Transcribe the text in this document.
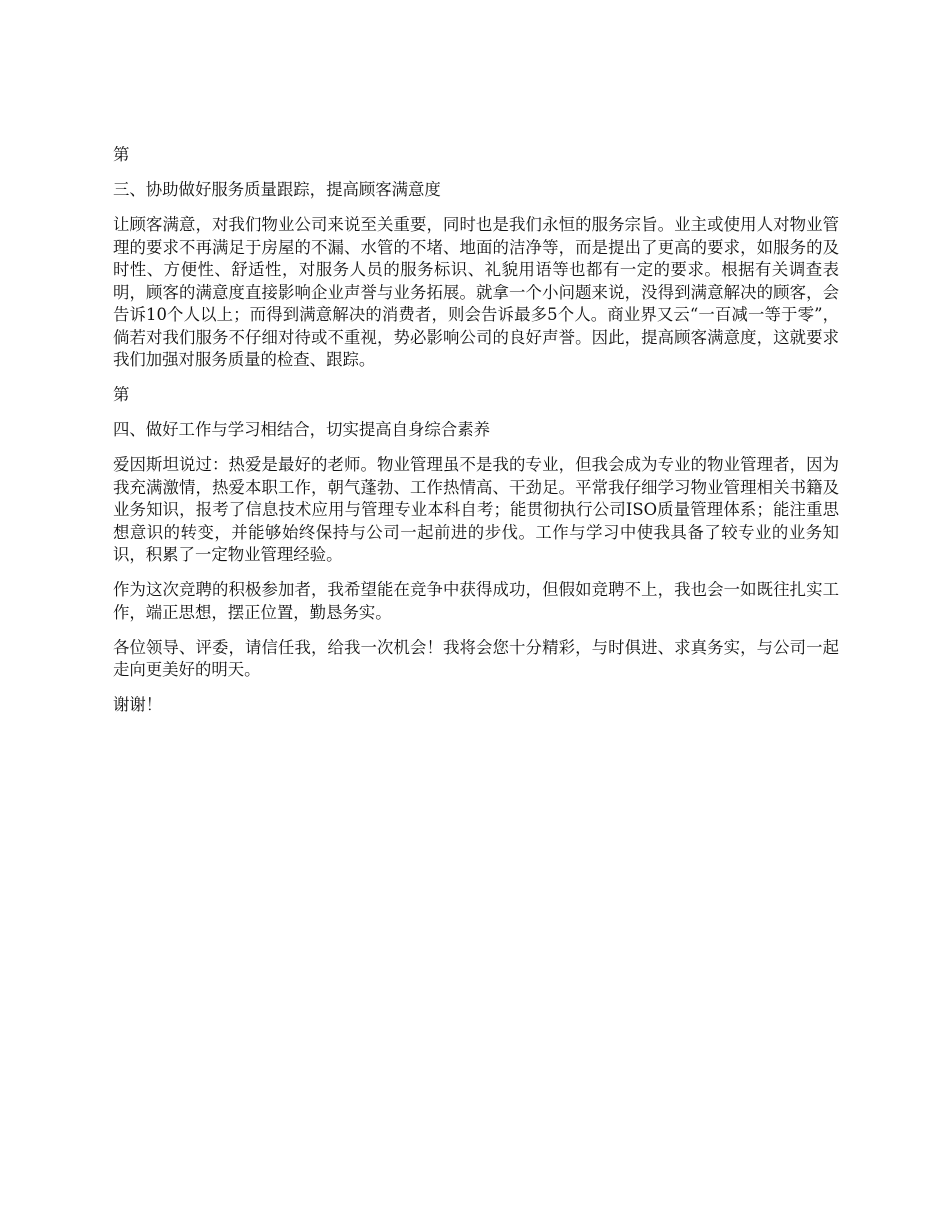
第

三、协助做好服务质量跟踪，提高顾客满意度

让顾客满意，对我们物业公司来说至关重要，同时也是我们永恒的服务宗旨。业主或使用人对物业管理的要求不再满足于房屋的不漏、水管的不堵、地面的洁净等，而是提出了更高的要求，如服务的及时性、方便性、舒适性，对服务人员的服务标识、礼貌用语等也都有一定的要求。根据有关调查表明，顾客的满意度直接影响企业声誉与业务拓展。就拿一个小问题来说，没得到满意解决的顾客，会告诉10个人以上；而得到满意解决的消费者，则会告诉最多5个人。商业界又云“一百减一等于零”，倘若对我们服务不仔细对待或不重视，势必影响公司的良好声誉。因此，提高顾客满意度，这就要求我们加强对服务质量的检查、跟踪。

第

四、做好工作与学习相结合，切实提高自身综合素养

爱因斯坦说过：热爱是最好的老师。物业管理虽不是我的专业，但我会成为专业的物业管理者，因为我充满激情，热爱本职工作，朝气蓬勃、工作热情高、干劲足。平常我仔细学习物业管理相关书籍及业务知识，报考了信息技术应用与管理专业本科自考；能贯彻执行公司ISO质量管理体系；能注重思想意识的转变，并能够始终保持与公司一起前进的步伐。工作与学习中使我具备了较专业的业务知识，积累了一定物业管理经验。

作为这次竞聘的积极参加者，我希望能在竞争中获得成功，但假如竞聘不上，我也会一如既往扎实工作，端正思想，摆正位置，勤恳务实。

各位领导、评委，请信任我，给我一次机会！我将会您十分精彩，与时俱进、求真务实，与公司一起走向更美好的明天。

谢谢！
